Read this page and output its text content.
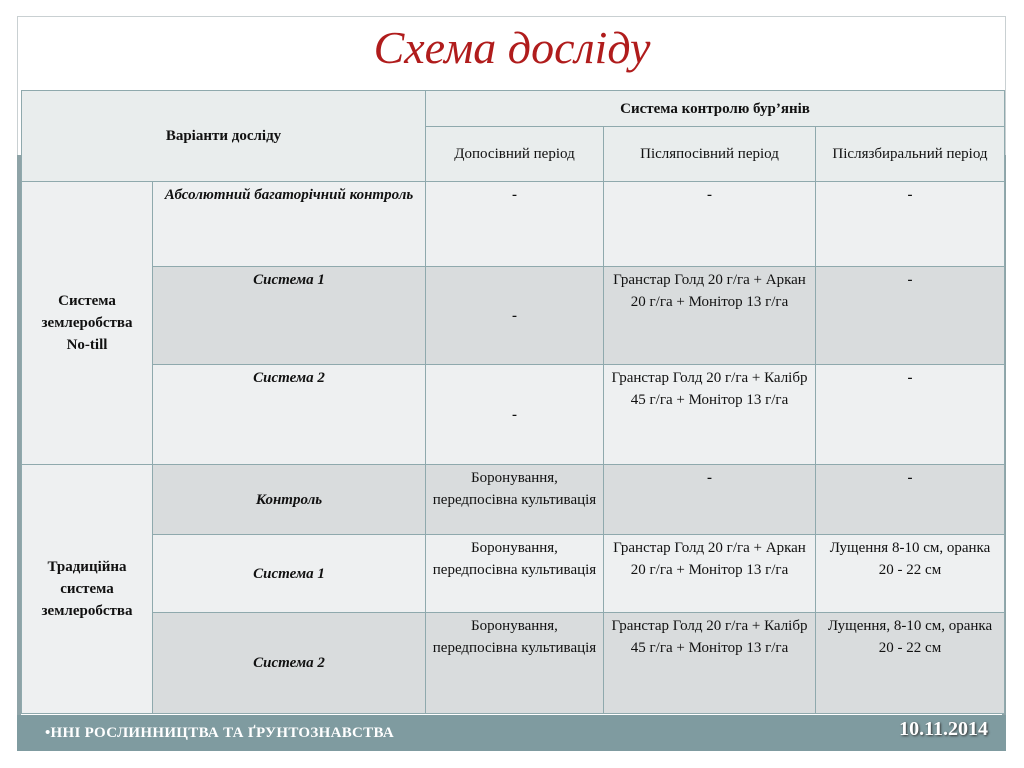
Схема досліду
Варіанти досліду		Система контролю бур’янів		
		Допосівний період	Післяпосівний період	Післязбиральний період
Система землеробства No-till	Абсолютний багаторічний контроль	-	-	-
	Система 1	-	Гранстар Голд 20 г/га + Аркан 20 г/га + Монітор 13 г/га	-
	Система 2	-	Гранстар Голд 20 г/га + Калібр 45 г/га + Монітор 13 г/га	-
Традиційна система землеробства	Контроль	Боронування, передпосівна культивація	-	-
	Система 1	Боронування, передпосівна культивація	Гранстар Голд 20 г/га + Аркан 20 г/га + Монітор 13 г/га	Лущення 8-10 см, оранка 20 - 22 см
	Система 2	Боронування, передпосівна культивація	Гранстар Голд 20 г/га + Калібр 45 г/га + Монітор 13 г/га	Лущення, 8-10 см, оранка 20 - 22 см
•ННІ РОСЛИННИЦТВА ТА ҐРУНТОЗНАВСТВА	10.11.2014
